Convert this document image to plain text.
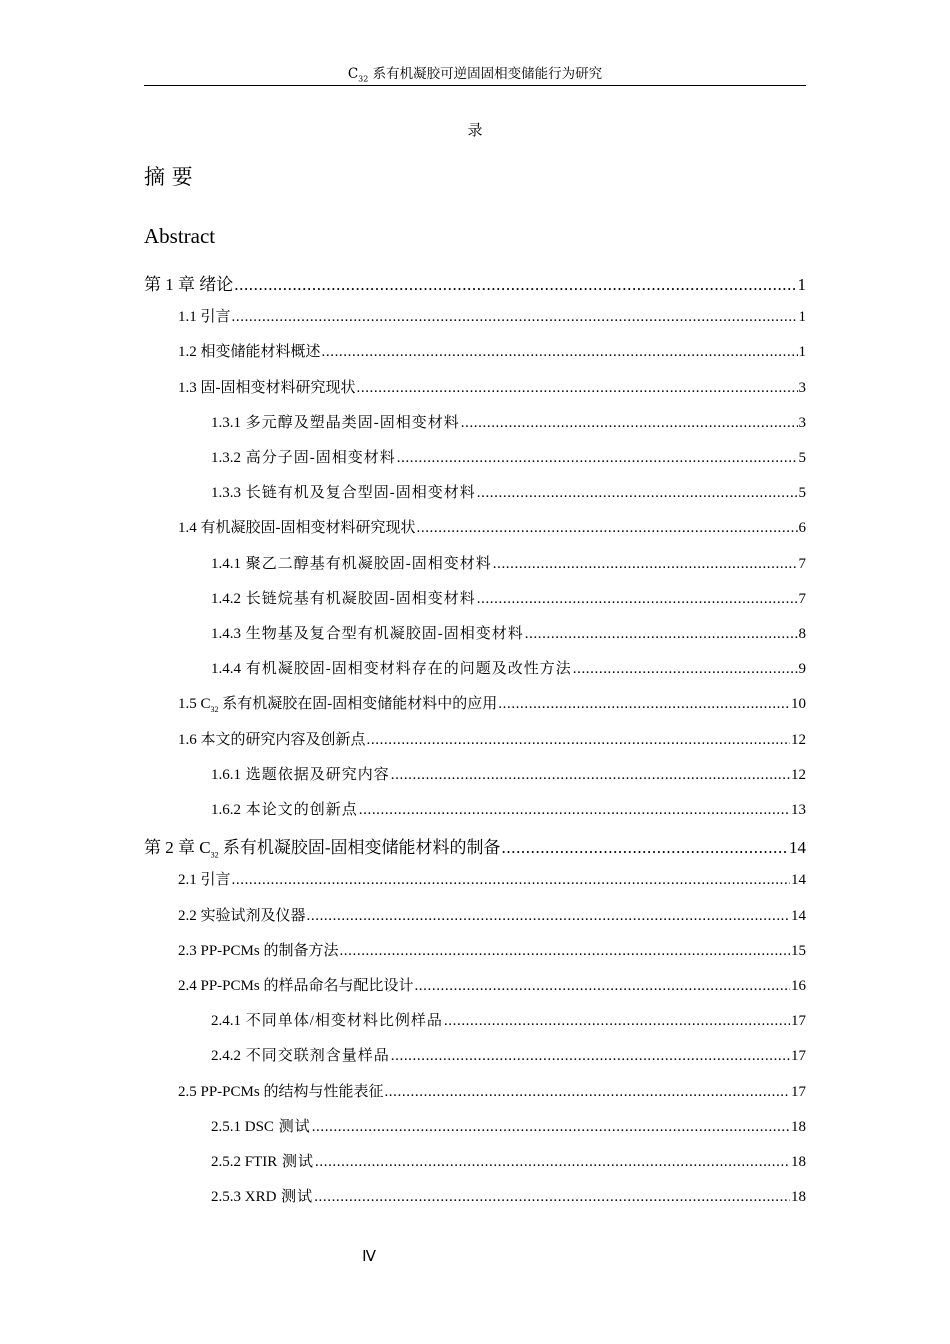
$C_{32}$ 系有机凝胶可逆固固相变储能行为研究
录
摘 要
Abstract
第 1 章 绪论 .....	1
1.1 引言 .....	1
1.2 相变储能材料概述 .....	1
1.3 固-固相变材料研究现状 .....	3
1.3.1 多元醇及塑晶类固-固相变材料 .....	3
1.3.2 高分子固-固相变材料 .....	5
1.3.3 长链有机及复合型固-固相变材料 .....	5
1.4 有机凝胶固-固相变材料研究现状 .....	6
1.4.1 聚乙二醇基有机凝胶固-固相变材料 .....	7
1.4.2 长链烷基有机凝胶固-固相变材料 .....	7
1.4.3 生物基及复合型有机凝胶固-固相变材料 .....	8
1.4.4 有机凝胶固-固相变材料存在的问题及改性方法 .....	9
1.5 $C_{32}$ 系有机凝胶在固-固相变储能材料中的应用 .....	10
1.6 本文的研究内容及创新点 .....	12
1.6.1 选题依据及研究内容 .....	12
1.6.2 本论文的创新点 .....	13
第 2 章 $C_{32}$ 系有机凝胶固-固相变储能材料的制备 .....	14
2.1 引言 .....	14
2.2 实验试剂及仪器 .....	14
2.3 PP-PCMs 的制备方法 .....	15
2.4 PP-PCMs 的样品命名与配比设计 .....	16
2.4.1 不同单体/相变材料比例样品 .....	17
2.4.2 不同交联剂含量样品 .....	17
2.5 PP-PCMs 的结构与性能表征 .....	17
2.5.1 DSC 测试 .....	18
2.5.2 FTIR 测试 .....	18
2.5.3 XRD 测试 .....	18
Ⅳ
